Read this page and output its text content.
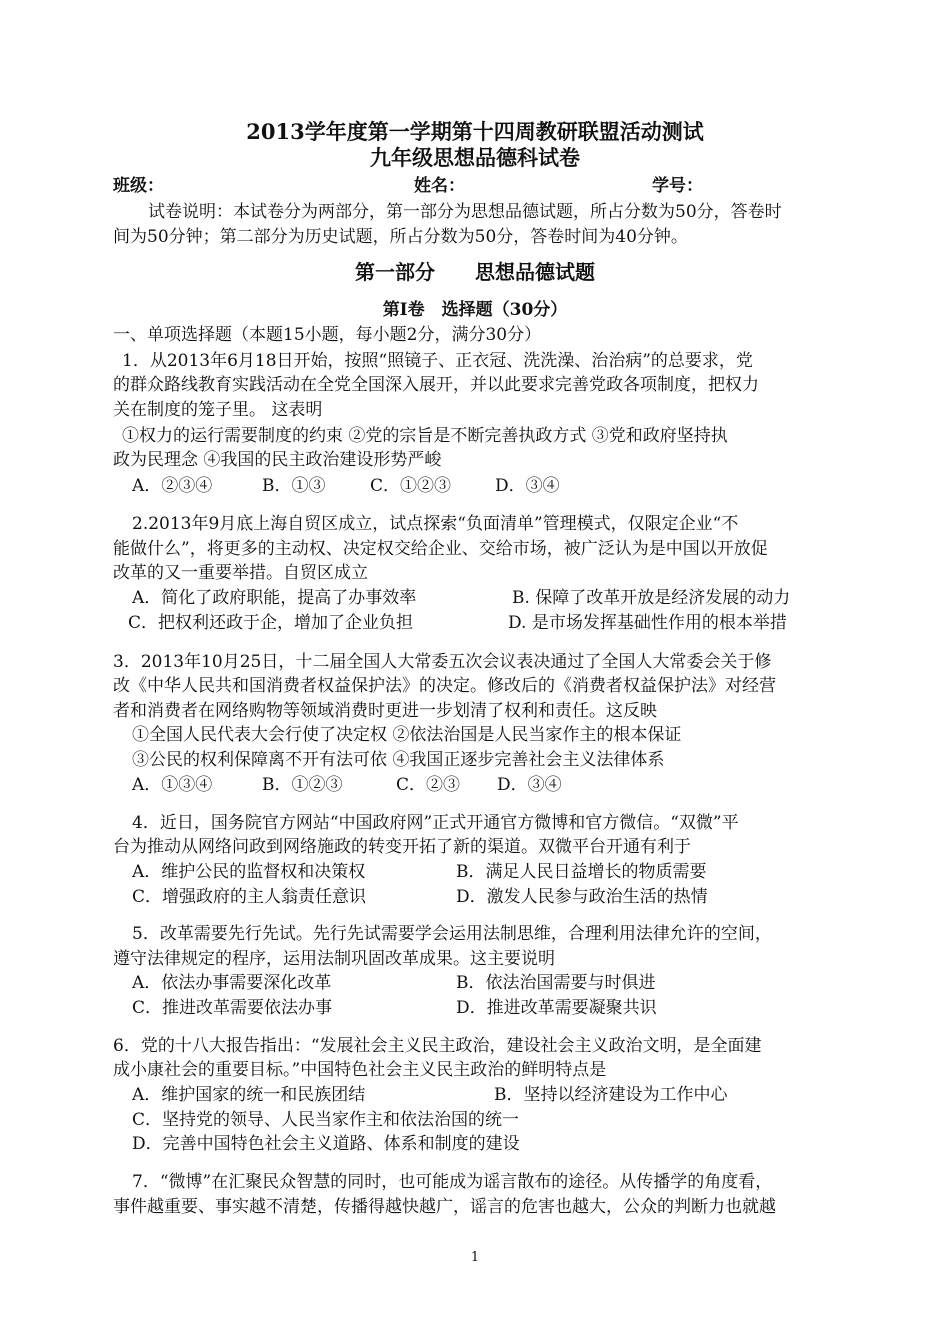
2013学年度第一学期第十四周教研联盟活动测试
九年级思想品德科试卷
班级：	姓名：	学号：
试卷说明：本试卷分为两部分，第一部分为思想品德试题，所占分数为50分，答卷时
间为50分钟；第二部分为历史试题，所占分数为50分，答卷时间为40分钟。
第一部分　　思想品德试题
第Ⅰ卷　选择题（30分）
一、单项选择题（本题15小题，每小题2分，满分30分）
1．从2013年6月18日开始，按照“照镜子、正衣冠、洗洗澡、治治病”的总要求，党
的群众路线教育实践活动在全党全国深入展开，并以此要求完善党政各项制度，把权力
关在制度的笼子里。 这表明
①权力的运行需要制度的约束 ②党的宗旨是不断完善执政方式 ③党和政府坚持执
政为民理念 ④我国的民主政治建设形势严峻
A．②③④	B．①③	C．①②③	D．③④
2.2013年9月底上海自贸区成立，试点探索“负面清单”管理模式，仅限定企业“不
能做什么”，将更多的主动权、决定权交给企业、交给市场，被广泛认为是中国以开放促
改革的又一重要举措。自贸区成立
A．简化了政府职能，提高了办事效率	B. 保障了改革开放是经济发展的动力
C．把权利还政于企，增加了企业负担	D. 是市场发挥基础性作用的根本举措
3．2013年10月25日，十二届全国人大常委五次会议表决通过了全国人大常委会关于修
改《中华人民共和国消费者权益保护法》的决定。修改后的《消费者权益保护法》对经营
者和消费者在网络购物等领域消费时更进一步划清了权利和责任。这反映
①全国人民代表大会行使了决定权 ②依法治国是人民当家作主的根本保证
③公民的权利保障离不开有法可依 ④我国正逐步完善社会主义法律体系
A．①③④	B．①②③	C．②③ D．③④
4．近日，国务院官方网站“中国政府网”正式开通官方微博和官方微信。“双微”平
台为推动从网络问政到网络施政的转变开拓了新的渠道。双微平台开通有利于
A．维护公民的监督权和决策权	B．满足人民日益增长的物质需要
C．增强政府的主人翁责任意识	D．激发人民参与政治生活的热情
5．改革需要先行先试。先行先试需要学会运用法制思维，合理利用法律允许的空间，
遵守法律规定的程序，运用法制巩固改革成果。这主要说明
A．依法办事需要深化改革	B．依法治国需要与时俱进
C．推进改革需要依法办事	D．推进改革需要凝聚共识
6．党的十八大报告指出：“发展社会主义民主政治，建设社会主义政治文明，是全面建
成小康社会的重要目标。”中国特色社会主义民主政治的鲜明特点是
A．维护国家的统一和民族团结	B．坚持以经济建设为工作中心
C．坚持党的领导、人民当家作主和依法治国的统一
D．完善中国特色社会主义道路、体系和制度的建设
7．“微博”在汇聚民众智慧的同时，也可能成为谣言散布的途径。从传播学的角度看，
事件越重要、事实越不清楚，传播得越快越广，谣言的危害也越大，公众的判断力也就越
1
